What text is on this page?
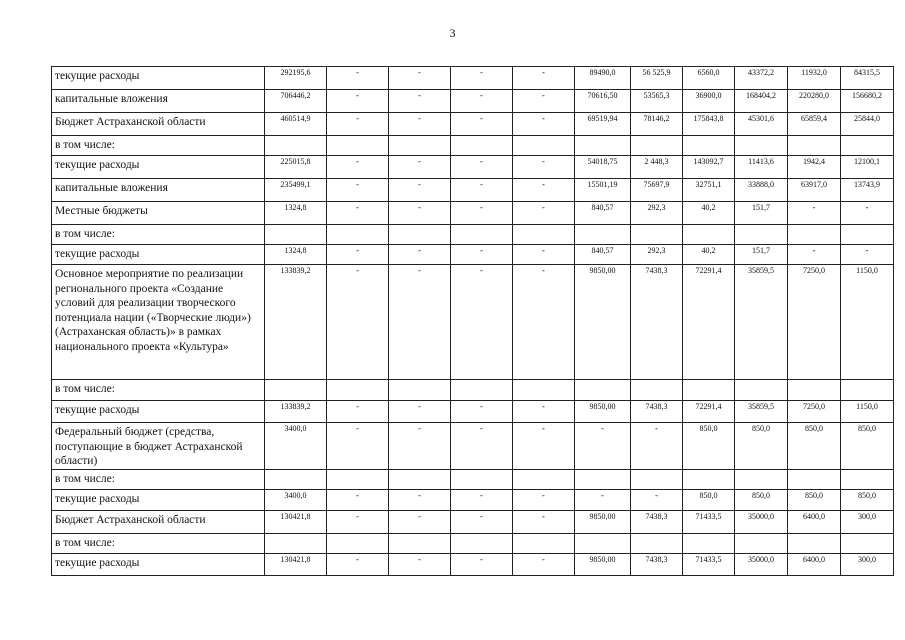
3
текущие расходы	292195,6	-	-	-	-	89490,0	56 525,9	6560,0	43372,2	11932,0	84315,5
капитальные вложения	706446,2	-	-	-	-	70616,50	53565,3	36900,0	168404,2	220280,0	156680,2
Бюджет Астраханской области	460514,9	-	-	-	-	69519,94	78146,2	175843,8	45301,6	65859,4	25844,0
в том числе:											
текущие расходы	225015,8	-	-	-	-	54018,75	2 448,3	143092,7	11413,6	1942,4	12100,1
капитальные вложения	235499,1	-	-	-	-	15501,19	75697,9	32751,1	33888,0	63917,0	13743,9
Местные бюджеты	1324,8	-	-	-	-	840,57	292,3	40,2	151,7	-	-
в том числе:											
текущие расходы	1324,8	-	-	-	-	840,57	292,3	40,2	151,7	-	-
Основное мероприятие по реализации регионального проекта «Создание условий для реализации творческого потенциала нации («Творческие люди») (Астраханская область)» в рамках национального проекта «Культура»	133839,2	-	-	-	-	9850,00	7438,3	72291,4	35859,5	7250,0	1150,0
в том числе:											
текущие расходы	133839,2	-	-	-	-	9850,00	7438,3	72291,4	35859,5	7250,0	1150,0
Федеральный бюджет (средства, поступающие в бюджет Астраханской области)	3400,0	-	-	-	-	-	-	850,0	850,0	850,0	850,0
в том числе:											
текущие расходы	3400,0	-	-	-	-	-	-	850,0	850,0	850,0	850,0
Бюджет Астраханской области	130421,8	-	-	-	-	9850,00	7438,3	71433,5	35000,0	6400,0	300,0
в том числе:											
текущие расходы	130421,8	-	-	-	-	9850,00	7438,3	71433,5	35000,0	6400,0	300,0
